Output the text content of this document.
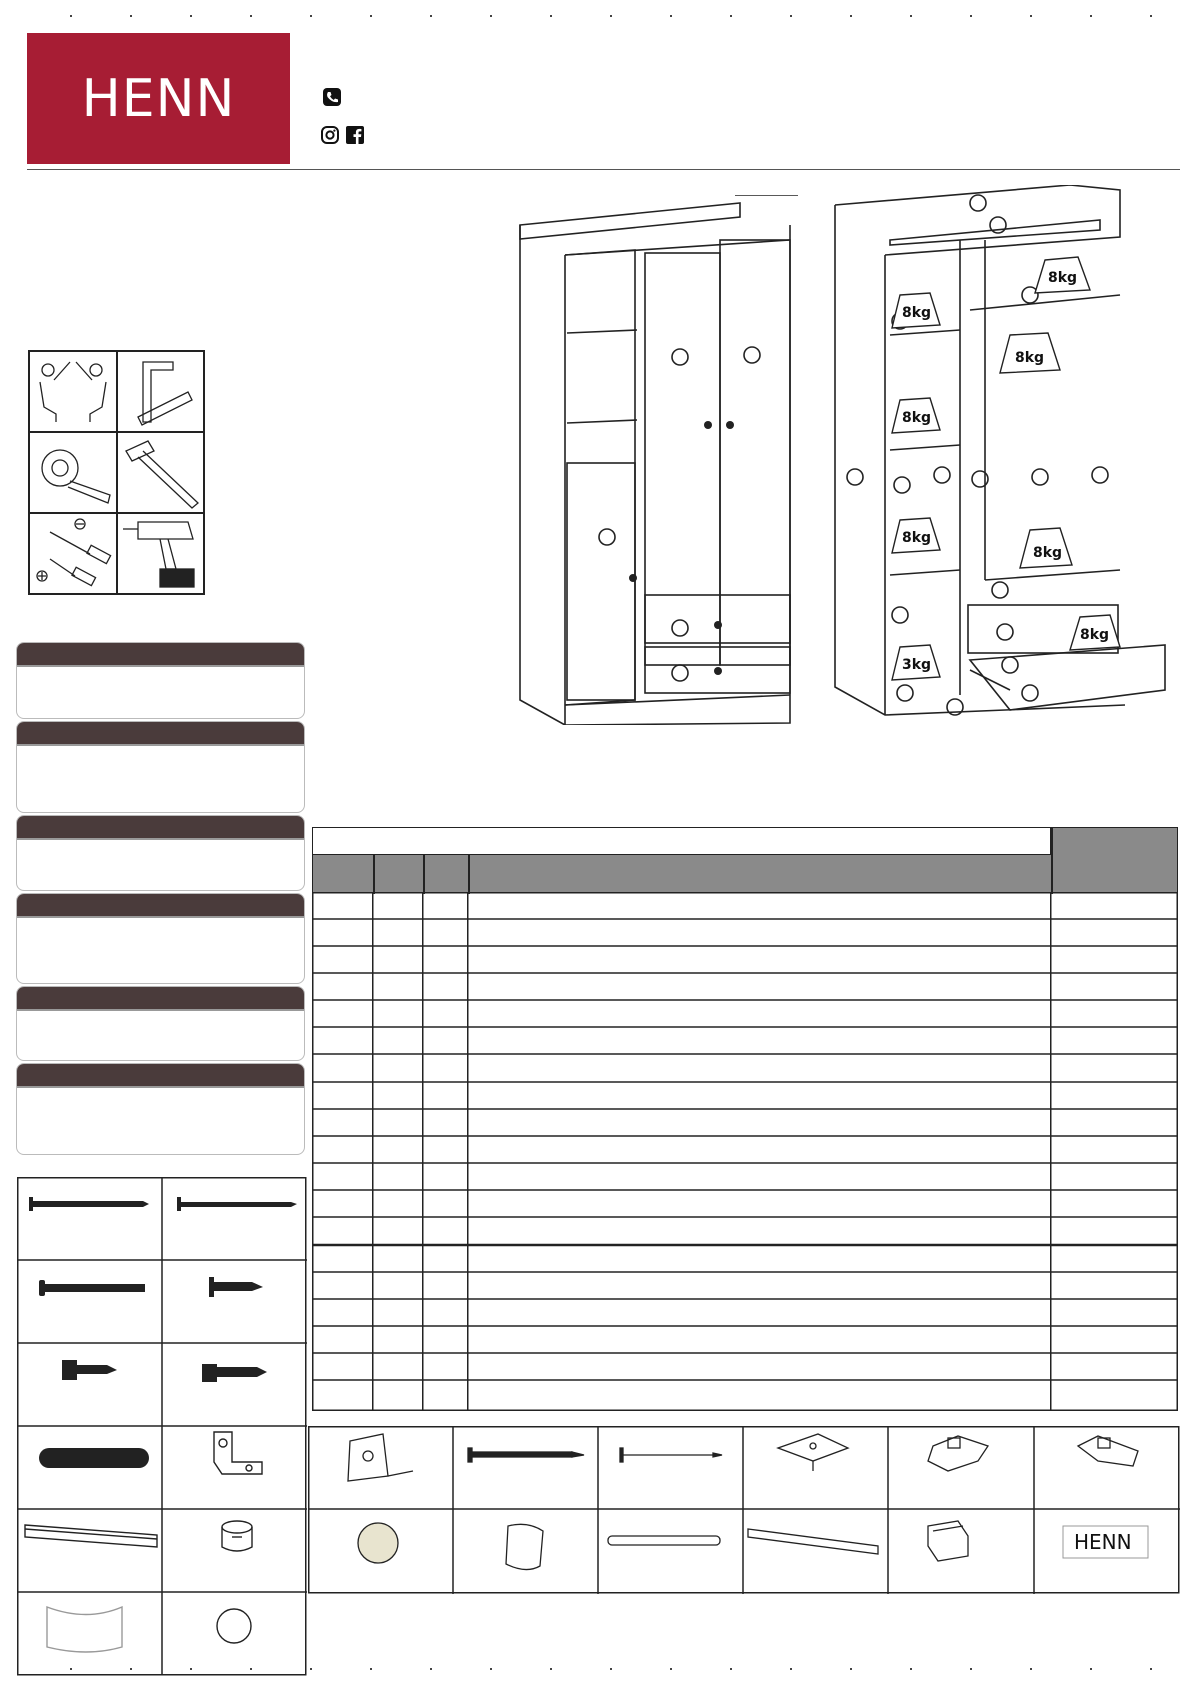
HENN
8kg
8kg
8kg
8kg
8kg
8kg
8kg
3kg
HENN
